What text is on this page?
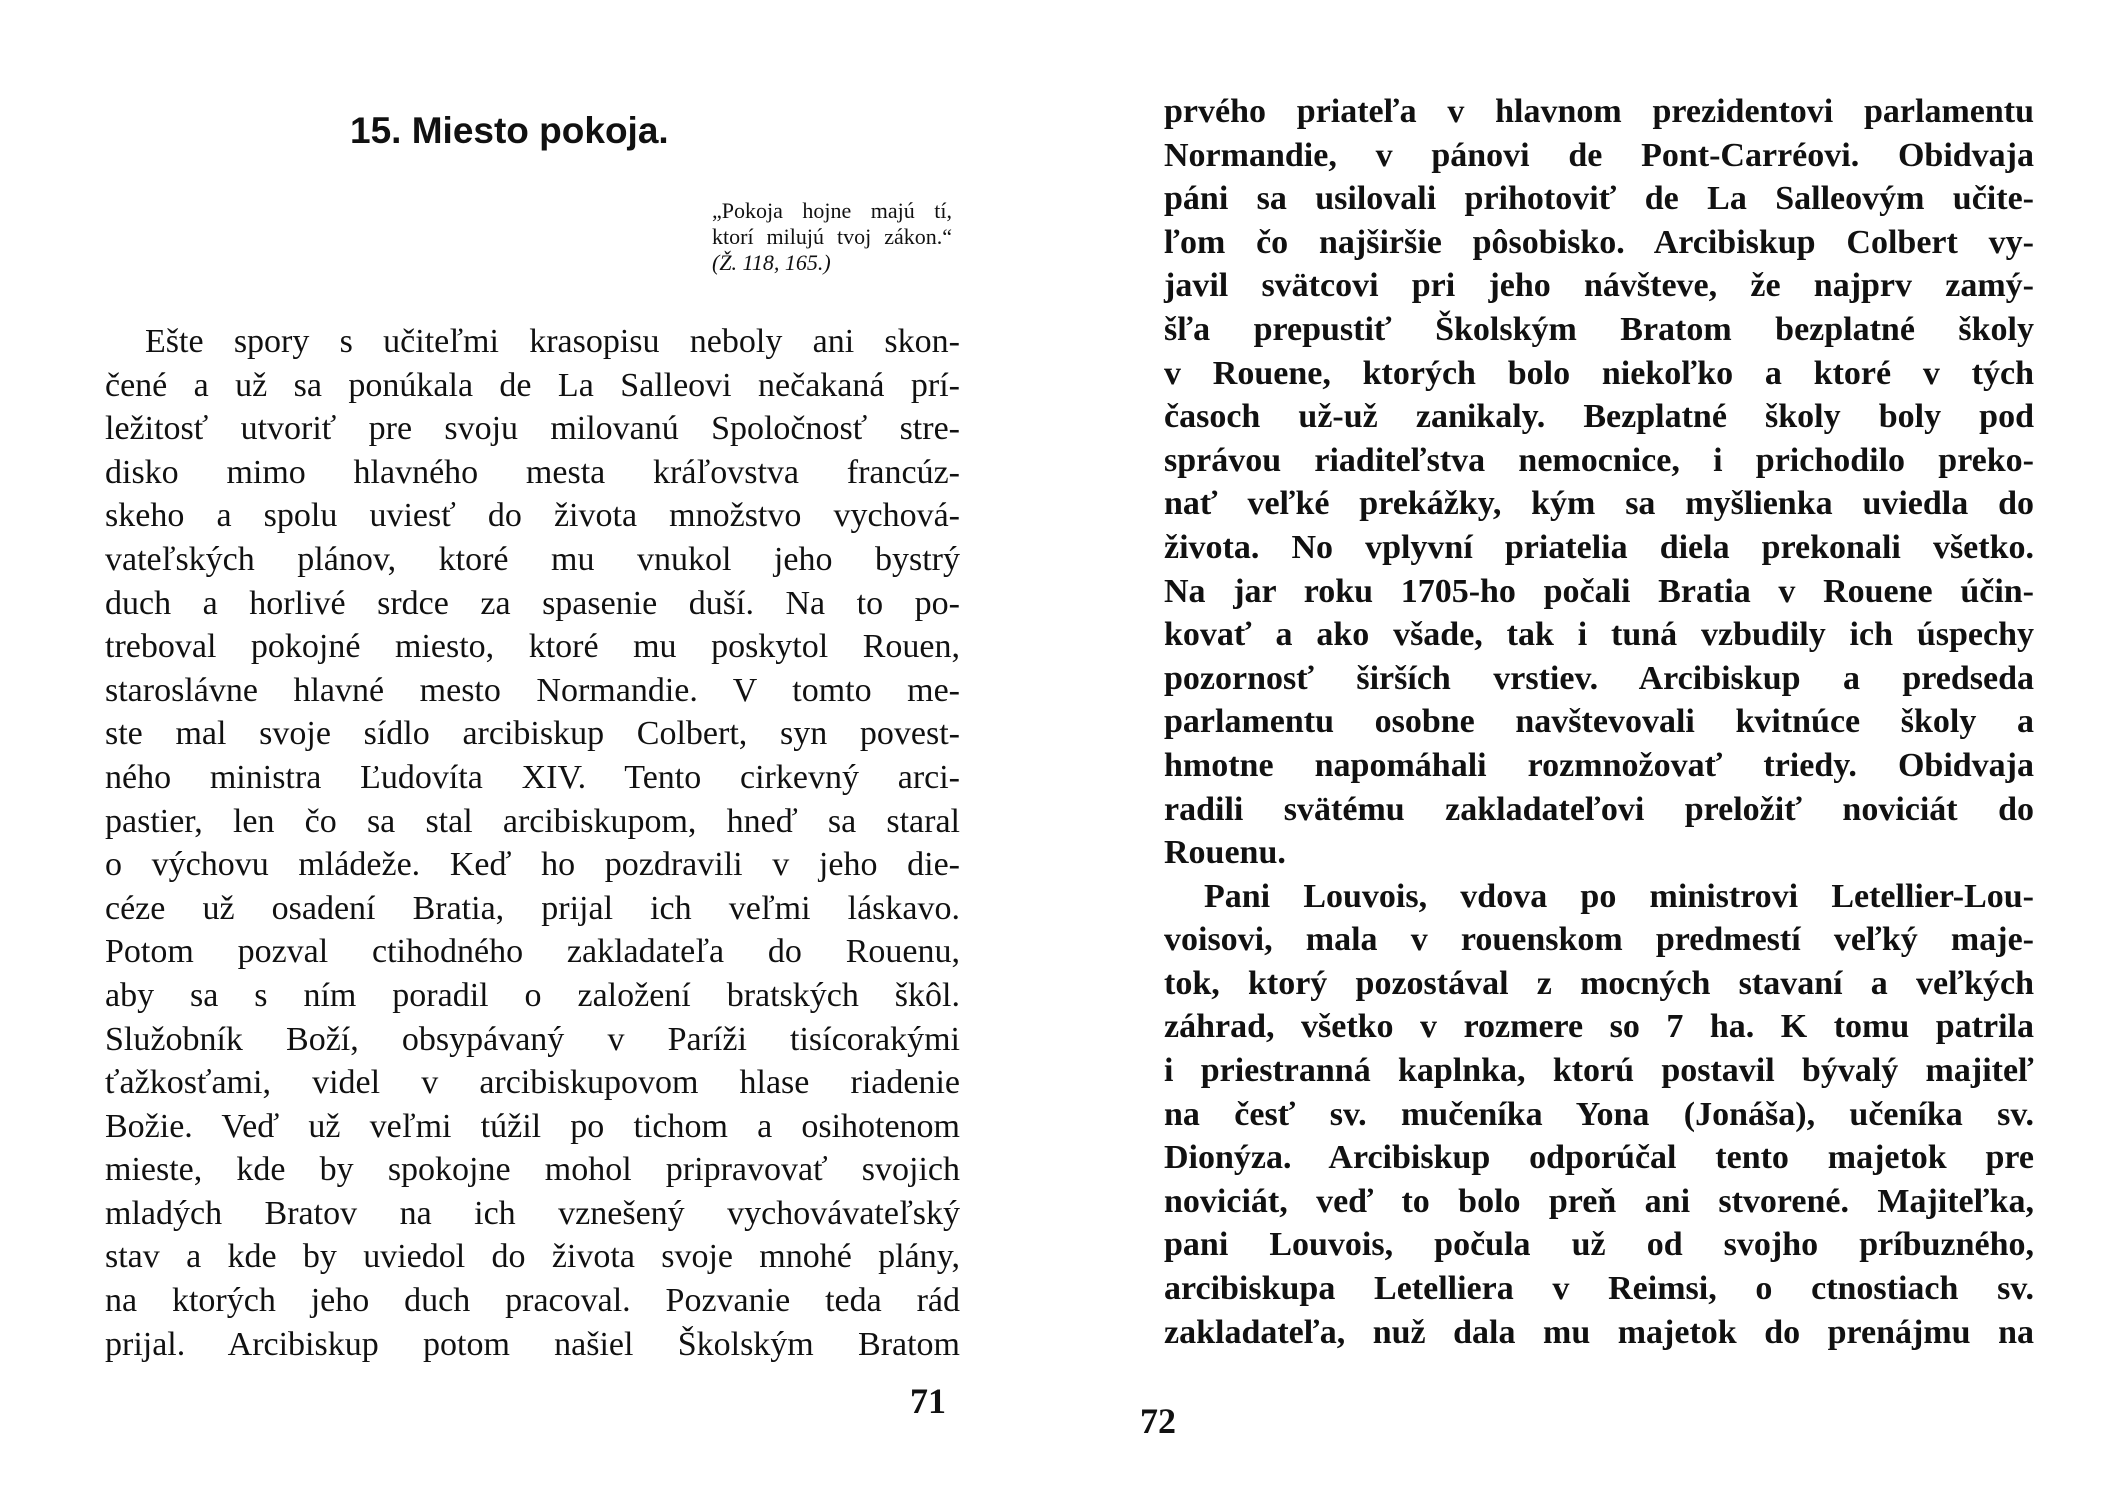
15. Miesto pokoja.

„Pokoja hojne majú tí, ktorí milujú tvoj zákon.“ (Ž. 118, 165.)

Ešte spory s učiteľmi krasopisu neboly ani skon-
čené a už sa ponúkala de La Salleovi nečakaná prí-
ležitosť utvoriť pre svoju milovanú Spoločnosť stre-
disko mimo hlavného mesta kráľovstva francúz-
skeho a spolu uviesť do života množstvo vychová-
vateľských plánov, ktoré mu vnukol jeho bystrý
duch a horlivé srdce za spasenie duší. Na to po-
treboval pokojné miesto, ktoré mu poskytol Rouen,
staroslávne hlavné mesto Normandie. V tomto me-
ste mal svoje sídlo arcibiskup Colbert, syn povest-
ného ministra Ľudovíta XIV. Tento cirkevný arci-
pastier, len čo sa stal arcibiskupom, hneď sa staral
o výchovu mládeže. Keď ho pozdravili v jeho die-
céze už osadení Bratia, prijal ich veľmi láskavo.
Potom pozval ctihodného zakladateľa do Rouenu,
aby sa s ním poradil o založení bratských škôl.
Služobník Boží, obsypávaný v Paríži tisícorakými
ťažkosťami, videl v arcibiskupovom hlase riadenie
Božie. Veď už veľmi túžil po tichom a osihotenom
mieste, kde by spokojne mohol pripravovať svojich
mladých Bratov na ich vznešený vychovávateľský
stav a kde by uviedol do života svoje mnohé plány,
na ktorých jeho duch pracoval. Pozvanie teda rád
prijal. Arcibiskup potom našiel Školským Bratom
71
prvého priateľa v hlavnom prezidentovi parlamentu
Normandie, v pánovi de Pont-Carréovi. Obidvaja
páni sa usilovali prihotoviť de La Salleovým učite-
ľom čo najširšie pôsobisko. Arcibiskup Colbert vy-
javil svätcovi pri jeho návšteve, že najprv zamý-
šľa prepustiť Školským Bratom bezplatné školy
v Rouene, ktorých bolo niekoľko a ktoré v tých
časoch už-už zanikaly. Bezplatné školy boly pod
správou riaditeľstva nemocnice, i prichodilo preko-
nať veľké prekážky, kým sa myšlienka uviedla do
života. No vplyvní priatelia diela prekonali všetko.
Na jar roku 1705-ho počali Bratia v Rouene účin-
kovať a ako všade, tak i tuná vzbudily ich úspechy
pozornosť širších vrstiev. Arcibiskup a predseda
parlamentu osobne navštevovali kvitnúce školy a
hmotne napomáhali rozmnožovať triedy. Obidvaja
radili svätému zakladateľovi preložiť noviciát do
Rouenu.
Pani Louvois, vdova po ministrovi Letellier-Lou-
voisovi, mala v rouenskom predmestí veľký maje-
tok, ktorý pozostával z mocných stavaní a veľkých
záhrad, všetko v rozmere so 7 ha. K tomu patrila
i priestranná kaplnka, ktorú postavil bývalý majiteľ
na česť sv. mučeníka Yona (Jonáša), učeníka sv.
Dionýza. Arcibiskup odporúčal tento majetok pre
noviciát, veď to bolo preň ani stvorené. Majiteľka,
pani Louvois, počula už od svojho príbuzného,
arcibiskupa Letelliera v Reimsi, o ctnostiach sv.
zakladateľa, nuž dala mu majetok do prenájmu na
72
